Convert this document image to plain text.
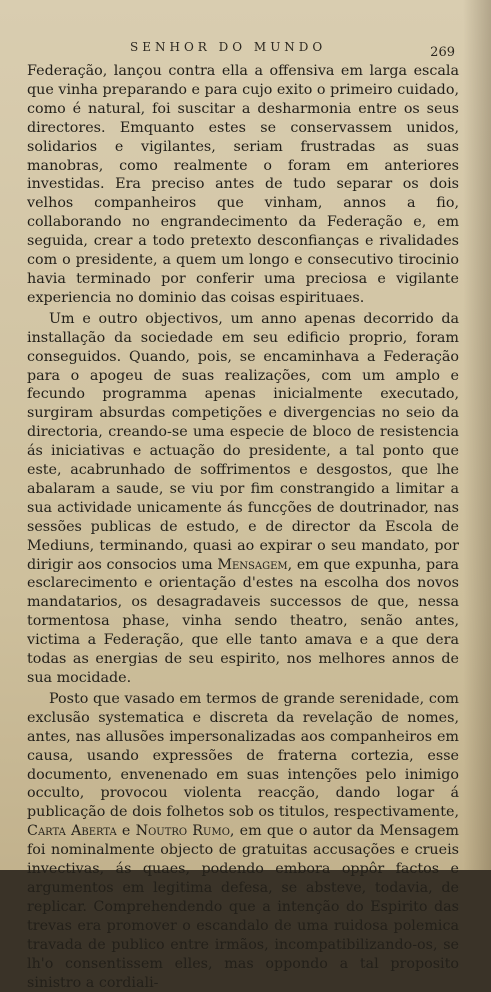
SENHOR DO MUNDO	269

Federação, lançou contra ella a offensiva em larga escala que vinha preparando e para cujo exito o primeiro cuidado, como é natural, foi suscitar a desharmonia entre os seus directores. Emquanto estes se conservassem unidos, solidarios e vigilantes, seriam frustradas as suas manobras, como realmente o foram em anteriores investidas. Era preciso antes de tudo separar os dois velhos companheiros que vinham, annos a fio, collaborando no engrandecimento da Federação e, em seguida, crear a todo pretexto desconfianças e rivalidades com o presidente, a quem um longo e consecutivo tirocinio havia terminado por conferir uma preciosa e vigilante experiencia no dominio das coisas espirituaes.

Um e outro objectivos, um anno apenas decorrido da installação da sociedade em seu edificio proprio, foram conseguidos. Quando, pois, se encaminhava a Federação para o apogeu de suas realizações, com um amplo e fecundo programma apenas inicialmente executado, surgiram absurdas competições e divergencias no seio da directoria, creando-se uma especie de bloco de resistencia ás iniciativas e actuação do presidente, a tal ponto que este, acabrunhado de soffrimentos e desgostos, que lhe abalaram a saude, se viu por fim constrangido a limitar a sua actividade unicamente ás funcções de doutrinador, nas sessões publicas de estudo, e de director da Escola de Mediuns, terminando, quasi ao expirar o seu mandato, por dirigir aos consocios uma Mensagem, em que expunha, para esclarecimento e orientação d'estes na escolha dos novos mandatarios, os desagradaveis successos de que, nessa tormentosa phase, vinha sendo theatro, senão antes, victima a Federação, que elle tanto amava e a que dera todas as energias de seu espirito, nos melhores annos de sua mocidade.

Posto que vasado em termos de grande serenidade, com exclusão systematica e discreta da revelação de nomes, antes, nas allusões impersonalizadas aos companheiros em causa, usando expressões de fraterna cortezia, esse documento, envenenado em suas intenções pelo inimigo occulto, provocou violenta reacção, dando logar á publicação de dois folhetos sob os titulos, respectivamente, Carta Aberta e Noutro Rumo, em que o autor da Mensagem foi nominalmente objecto de gratuitas accusações e crueis invectivas, ás quaes, podendo embora oppôr factos e argumentos em legitima defesa, se absteve, todavia, de replicar. Comprehendendo que a intenção do Espirito das trevas era promover o escandalo de uma ruidosa polemica travada de publico entre irmãos, incompatibilizando-os, se lh'o consentissem elles, mas oppondo a tal proposito sinistro a cordiali-
